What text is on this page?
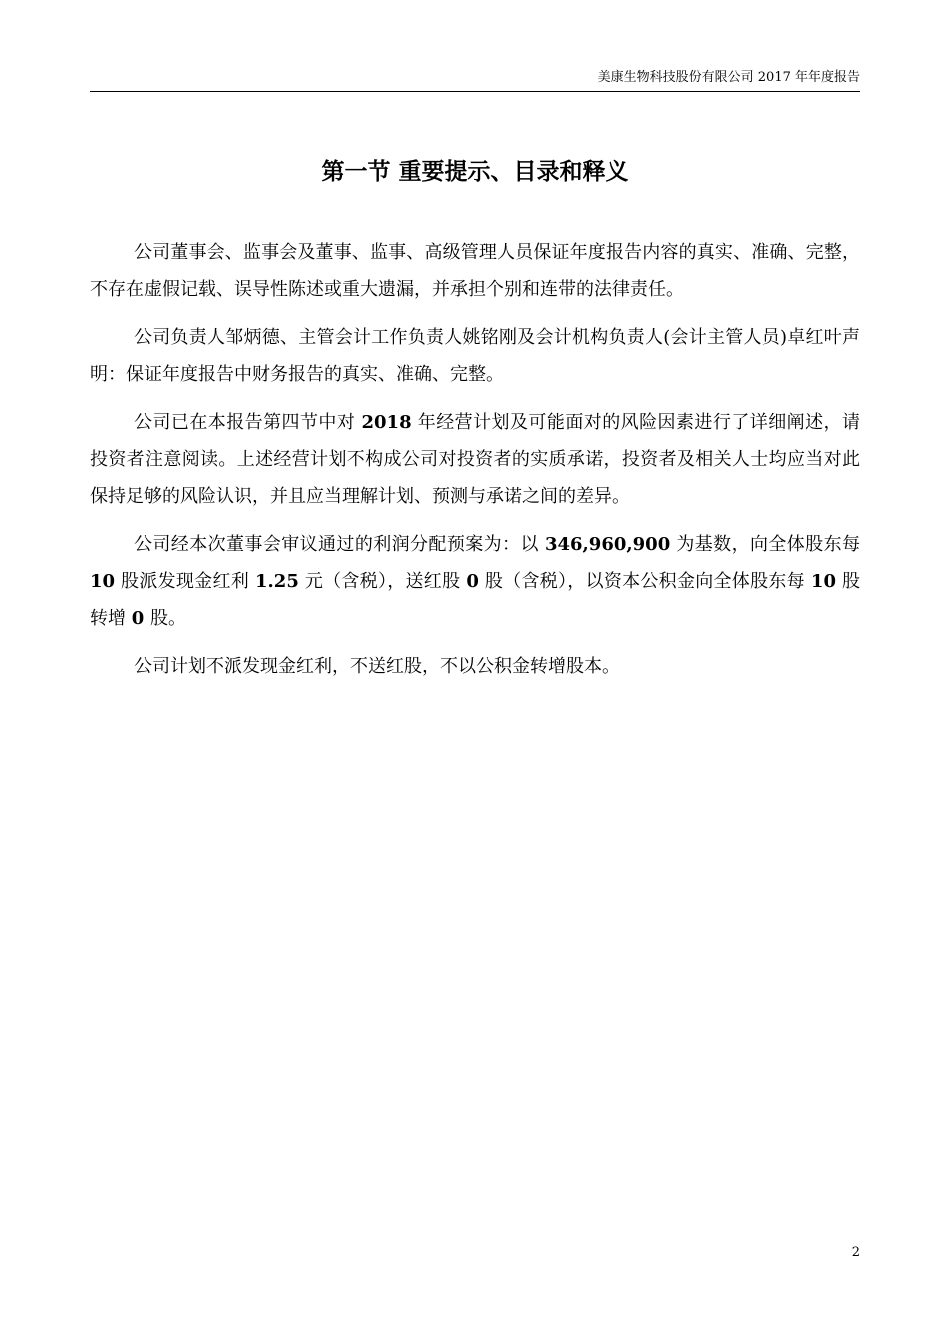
美康生物科技股份有限公司 2017 年年度报告
第一节 重要提示、目录和释义

公司董事会、监事会及董事、监事、高级管理人员保证年度报告内容的真实、准确、完整，不存在虚假记载、误导性陈述或重大遗漏，并承担个别和连带的法律责任。

公司负责人邹炳德、主管会计工作负责人姚铭刚及会计机构负责人(会计主管人员)卓红叶声明：保证年度报告中财务报告的真实、准确、完整。

公司已在本报告第四节中对 2018 年经营计划及可能面对的风险因素进行了详细阐述，请投资者注意阅读。上述经营计划不构成公司对投资者的实质承诺，投资者及相关人士均应当对此保持足够的风险认识，并且应当理解计划、预测与承诺之间的差异。

公司经本次董事会审议通过的利润分配预案为：以 346,960,900 为基数，向全体股东每 10 股派发现金红利 1.25 元（含税），送红股 0 股（含税），以资本公积金向全体股东每 10 股转增 0 股。

公司计划不派发现金红利，不送红股，不以公积金转增股本。

2
